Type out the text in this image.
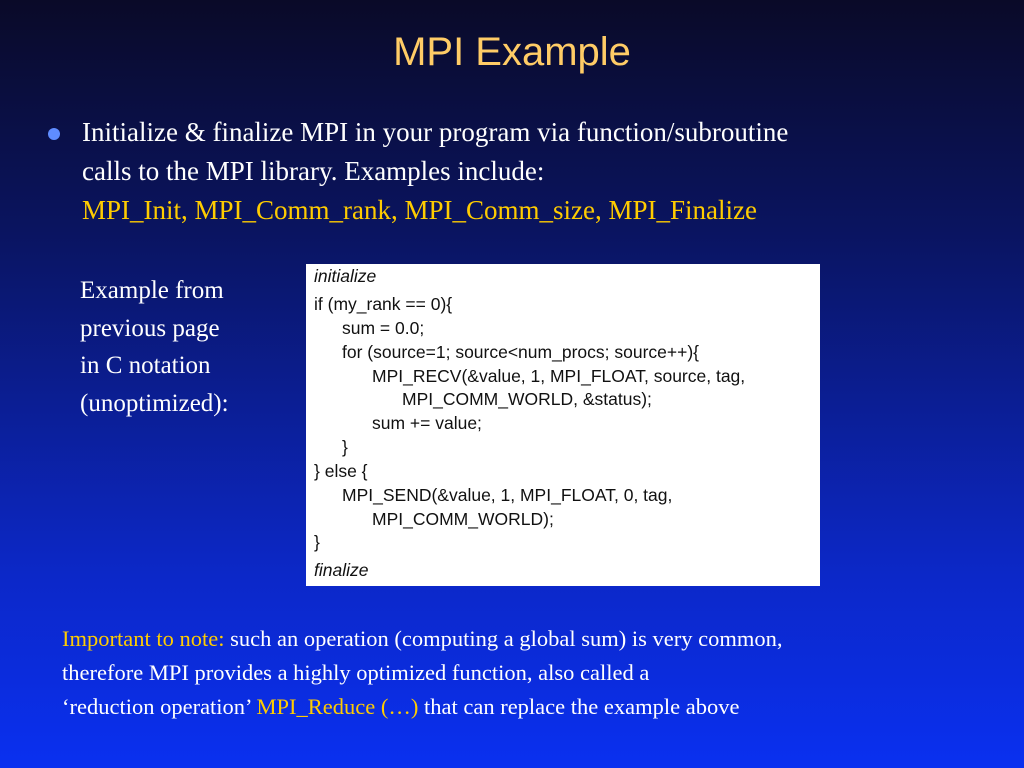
MPI Example
Initialize & finalize MPI in your program via function/subroutine
calls to the MPI library. Examples include:
MPI_Init, MPI_Comm_rank, MPI_Comm_size, MPI_Finalize
Example from
previous page
in C notation
(unoptimized):
initialize
if (my_rank == 0){
sum = 0.0;
for (source=1; source<num_procs; source++){
MPI_RECV(&value, 1, MPI_FLOAT, source, tag,
MPI_COMM_WORLD, &status);
sum += value;
}
} else {
MPI_SEND(&value, 1, MPI_FLOAT, 0, tag,
MPI_COMM_WORLD);
}
finalize
Important to note: such an operation (computing a global sum) is very common,
therefore MPI provides a highly optimized function, also called a
‘reduction operation’ MPI_Reduce (…) that can replace the example above
